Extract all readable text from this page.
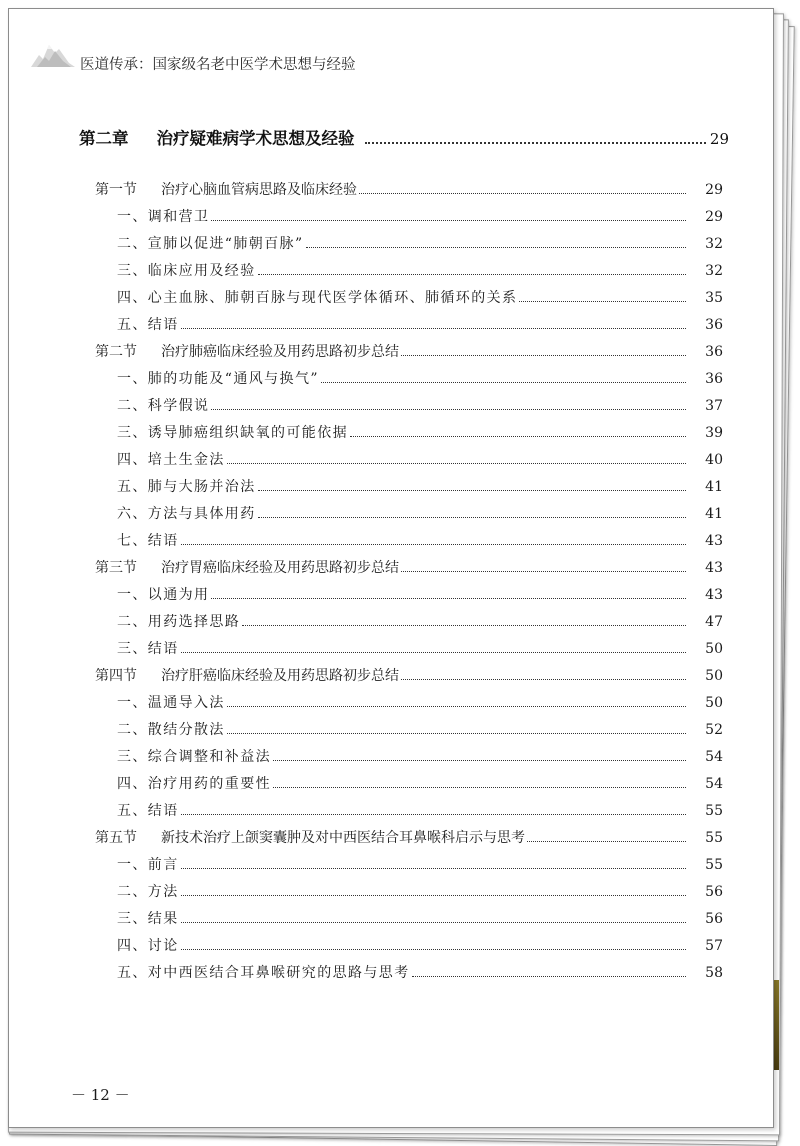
医道传承：国家级名老中医学术思想与经验
第二章 治疗疑难病学术思想及经验	29
第一节	治疗心脑血管病思路及临床经验	29
一、调和营卫	29
二、宣肺以促进“肺朝百脉”	32
三、临床应用及经验	32
四、心主血脉、肺朝百脉与现代医学体循环、肺循环的关系	35
五、结语	36
第二节	治疗肺癌临床经验及用药思路初步总结	36
一、肺的功能及“通风与换气”	36
二、科学假说	37
三、诱导肺癌组织缺氧的可能依据	39
四、培土生金法	40
五、肺与大肠并治法	41
六、方法与具体用药	41
七、结语	43
第三节	治疗胃癌临床经验及用药思路初步总结	43
一、以通为用	43
二、用药选择思路	47
三、结语	50
第四节	治疗肝癌临床经验及用药思路初步总结	50
一、温通导入法	50
二、散结分散法	52
三、综合调整和补益法	54
四、治疗用药的重要性	54
五、结语	55
第五节	新技术治疗上颌窦囊肿及对中西医结合耳鼻喉科启示与思考	55
一、前言	55
二、方法	56
三、结果	56
四、讨论	57
五、对中西医结合耳鼻喉研究的思路与思考	58
－ 12 －
